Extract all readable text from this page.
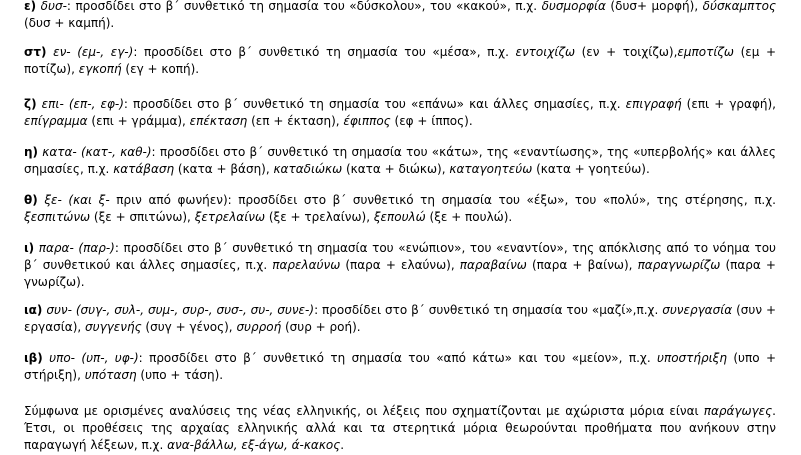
ε) δυσ-: προσδίδει στο β΄ συνθετικό τη σημασία του «δύσκολου», του «κακού», π.χ. δυσμορφία (δυσ+ μορφή), δύσκαμπτος (δυσ + καμπή).

στ) εν- (εμ-, εγ-): προσδίδει στο β΄ συνθετικό τη σημασία του «μέσα», π.χ. εντοιχίζω (εν + τοιχίζω),εμποτίζω (εμ + ποτίζω), εγκοπή (εγ + κοπή).

ζ) επι- (επ-, εφ-): προσδίδει στο β΄ συνθετικό τη σημασία του «επάνω» και άλλες σημασίες, π.χ. επιγραφή (επι + γραφή), επίγραμμα (επι + γράμμα), επέκταση (επ + έκταση), έφιππος (εφ + ίππος).

η) κατα- (κατ-, καθ-): προσδίδει στο β΄ συνθετικό τη σημασία του «κάτω», της «εναντίωσης», της «υπερβολής» και άλλες σημασίες, π.χ. κατάβαση (κατα + βάση), καταδιώκω (κατα + διώκω), καταγοητεύω (κατα + γοητεύω).

θ) ξε- (και ξ- πριν από φωνήεν): προσδίδει στο β΄ συνθετικό τη σημασία του «έξω», του «πολύ», της στέρησης, π.χ. ξεσπιτώνω (ξε + σπιτώνω), ξετρελαίνω (ξε + τρελαίνω), ξεπουλώ (ξε + πουλώ).

ι) παρα- (παρ-): προσδίδει στο β΄ συνθετικό τη σημασία του «ενώπιον», του «εναντίον», της απόκλισης από το νόημα του β΄ συνθετικού και άλλες σημασίες, π.χ. παρελαύνω (παρα + ελαύνω), παραβαίνω (παρα + βαίνω), παραγνωρίζω (παρα + γνωρίζω).

ια) συν- (συγ-, συλ-, συμ-, συρ-, συσ-, συ-, συνε-): προσδίδει στο β΄ συνθετικό τη σημασία του «μαζί»,π.χ. συνεργασία (συν + εργασία), συγγενής (συγ + γένος), συρροή (συρ + ροή).

ιβ) υπο- (υπ-, υφ-): προσδίδει στο β΄ συνθετικό τη σημασία του «από κάτω» και του «μείον», π.χ. υποστήριξη (υπο + στήριξη), υπόταση (υπο + τάση).

Σύμφωνα με ορισμένες αναλύσεις της νέας ελληνικής, οι λέξεις που σχηματίζονται με αχώριστα μόρια είναι παράγωγες. Έτσι, οι προθέσεις της αρχαίας ελληνικής αλλά και τα στερητικά μόρια θεωρούνται προθήματα που ανήκουν στην παραγωγή λέξεων, π.χ. ανα-βάλλω, εξ-άγω, ά-κακος.
